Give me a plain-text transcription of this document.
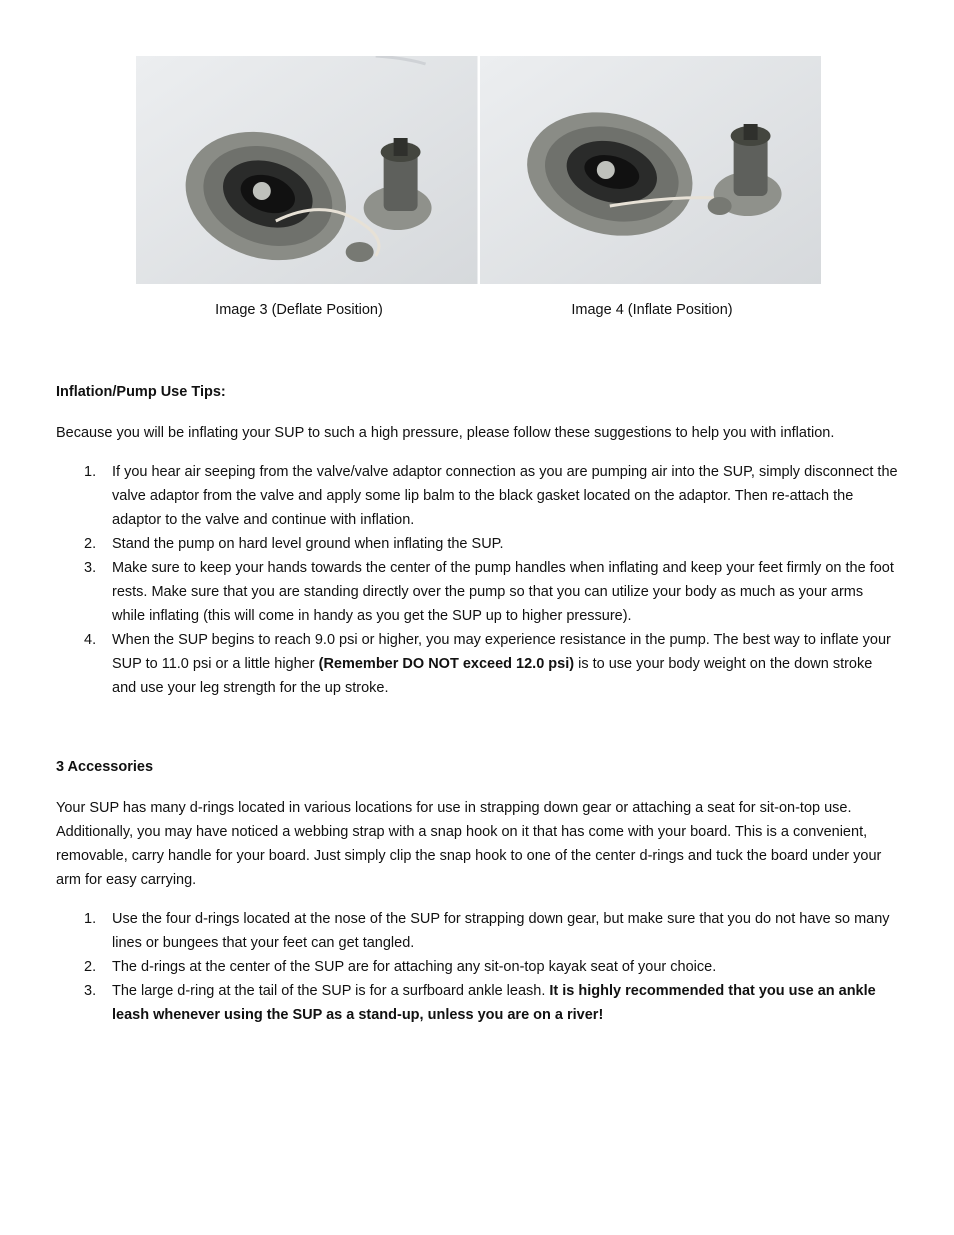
Image 3 (Deflate Position)	Image 4 (Inflate Position)
Inflation/Pump Use Tips:

Because you will be inflating your SUP to such a high pressure, please follow these suggestions to help you with inflation.

1. If you hear air seeping from the valve/valve adaptor connection as you are pumping air into the SUP, simply disconnect the valve adaptor from the valve and apply some lip balm to the black gasket located on the adaptor. Then re-attach the adaptor to the valve and continue with inflation.
2. Stand the pump on hard level ground when inflating the SUP.
3. Make sure to keep your hands towards the center of the pump handles when inflating and keep your feet firmly on the foot rests. Make sure that you are standing directly over the pump so that you can utilize your body as much as your arms while inflating (this will come in handy as you get the SUP up to higher pressure).
4. When the SUP begins to reach 9.0 psi or higher, you may experience resistance in the pump. The best way to inflate your SUP to 11.0 psi or a little higher (Remember DO NOT exceed 12.0 psi) is to use your body weight on the down stroke and use your leg strength for the up stroke.
3 Accessories

Your SUP has many d-rings located in various locations for use in strapping down gear or attaching a seat for sit-on-top use. Additionally, you may have noticed a webbing strap with a snap hook on it that has come with your board. This is a convenient, removable, carry handle for your board. Just simply clip the snap hook to one of the center d-rings and tuck the board under your arm for easy carrying.

1. Use the four d-rings located at the nose of the SUP for strapping down gear, but make sure that you do not have so many lines or bungees that your feet can get tangled.
2. The d-rings at the center of the SUP are for attaching any sit-on-top kayak seat of your choice.
3. The large d-ring at the tail of the SUP is for a surfboard ankle leash. It is highly recommended that you use an ankle leash whenever using the SUP as a stand-up, unless you are on a river!
